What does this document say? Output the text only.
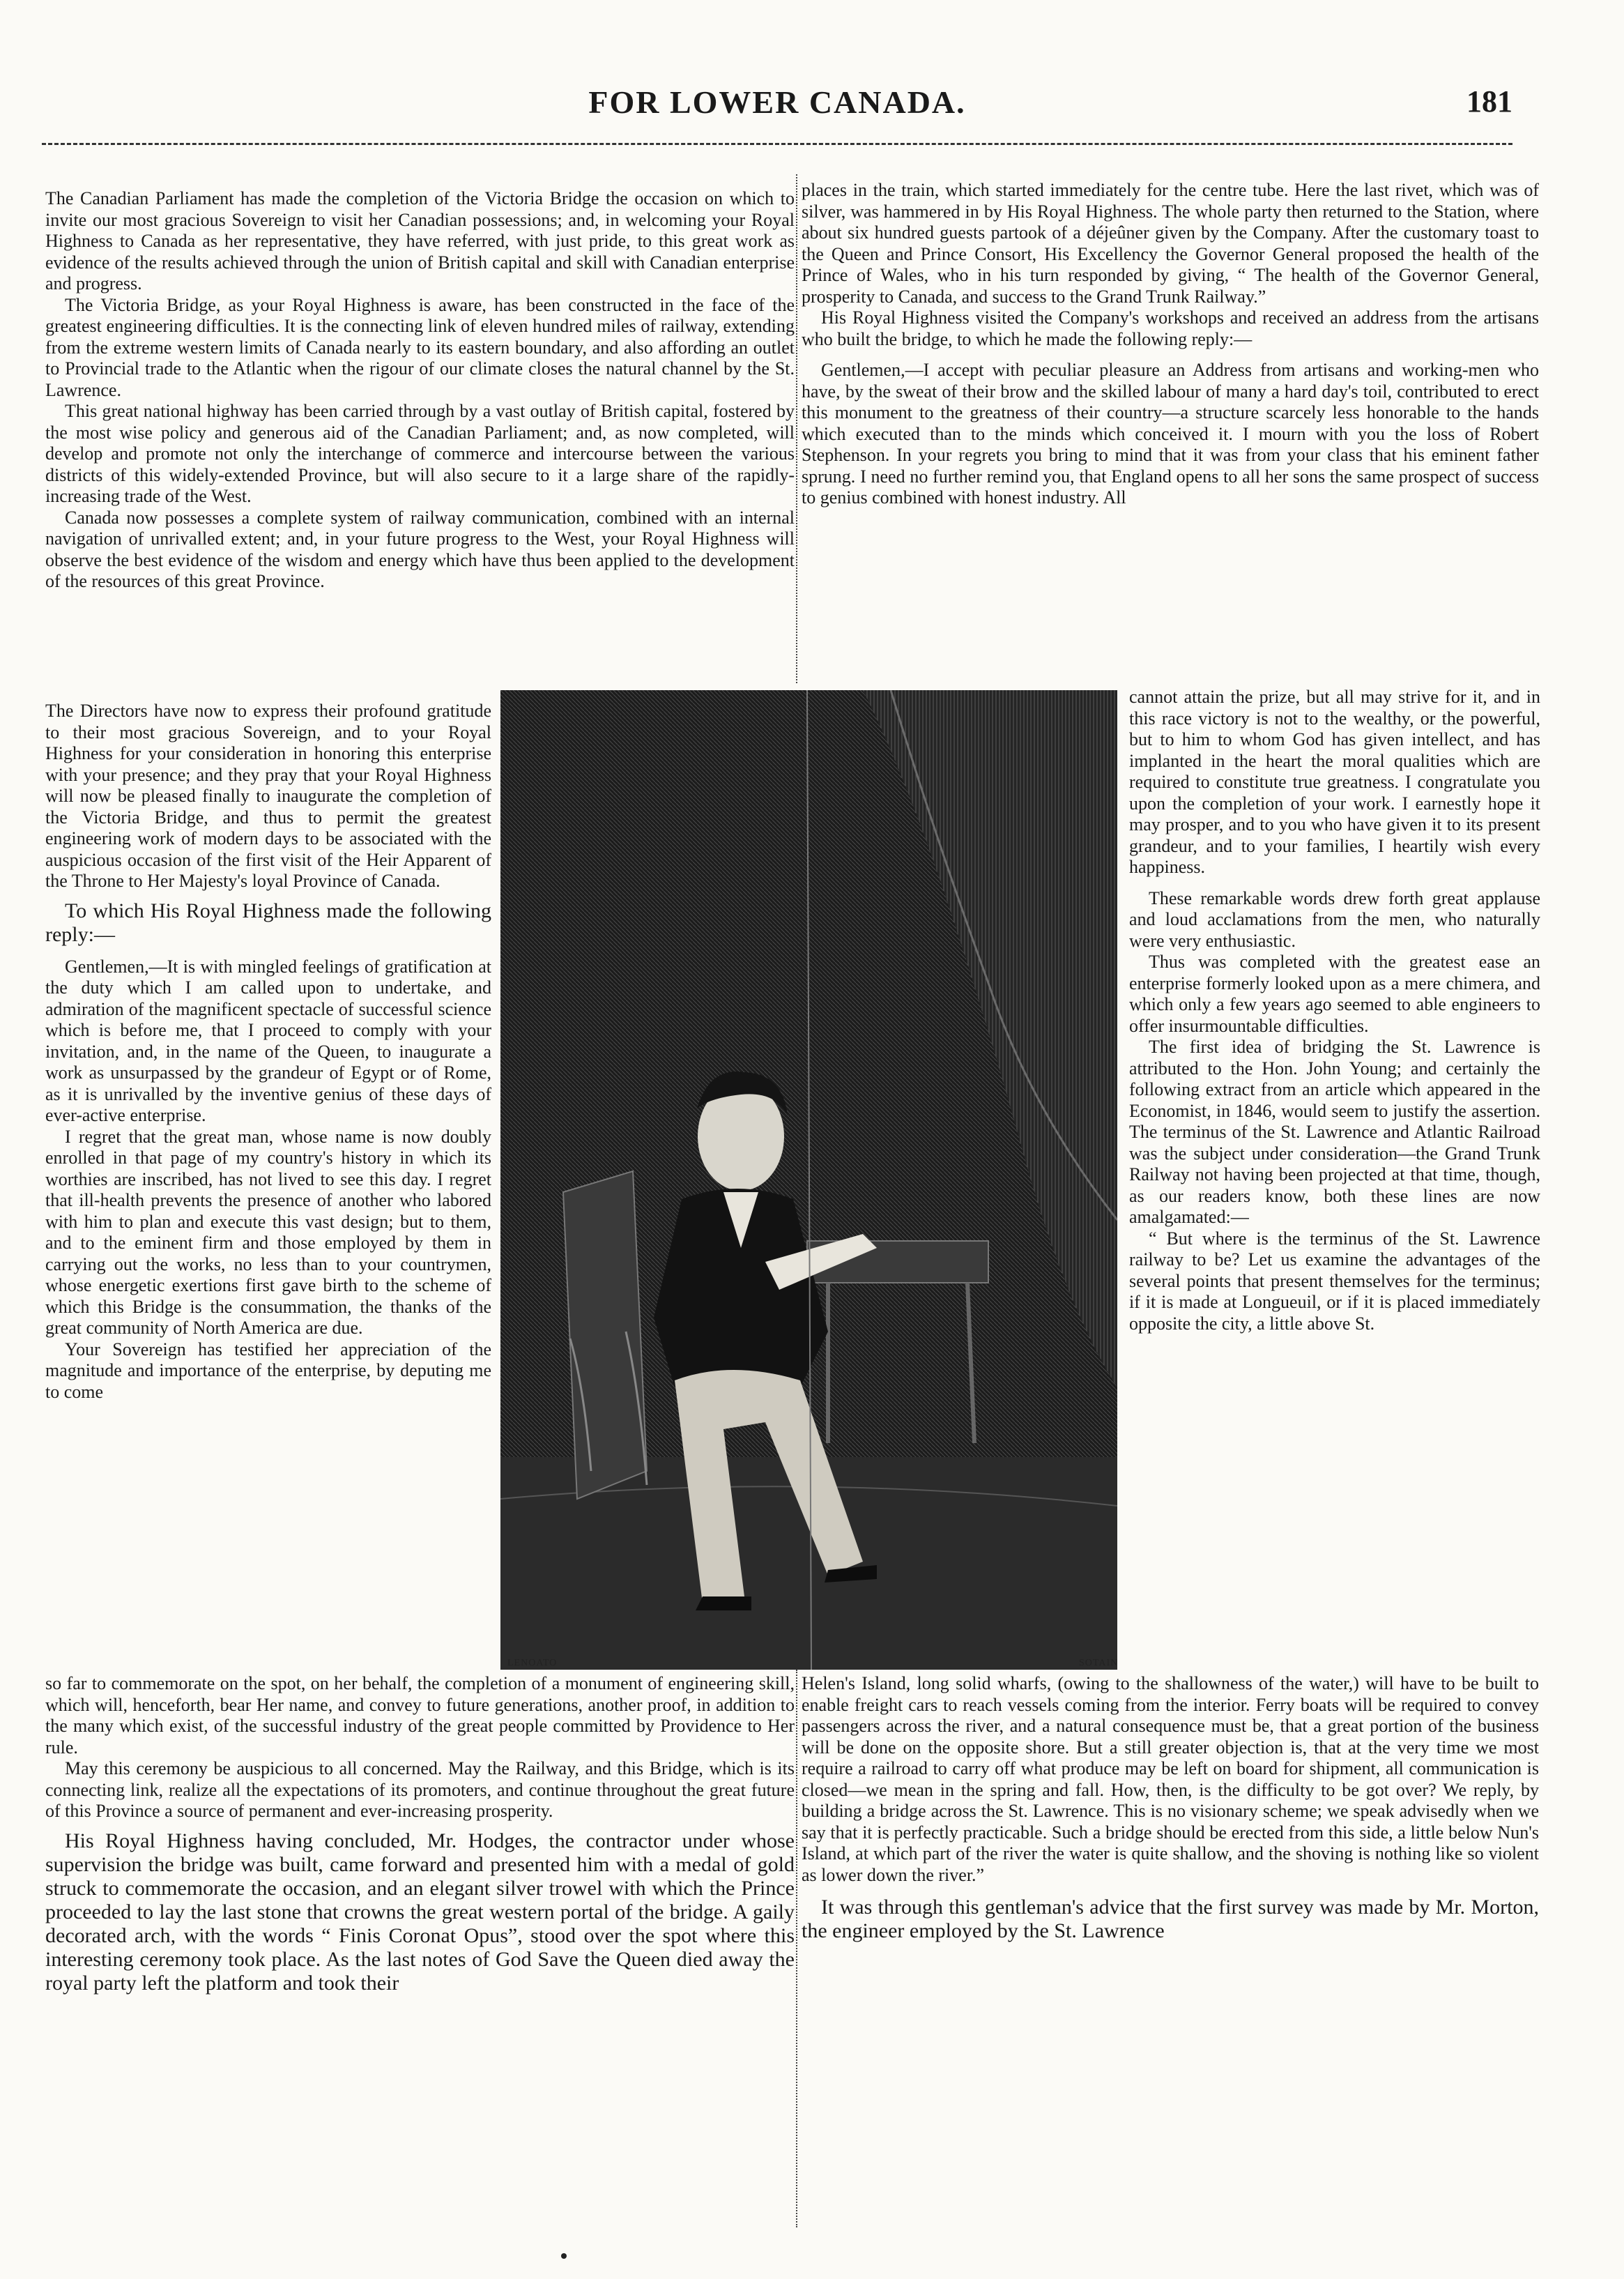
FOR LOWER CANADA.	181

The Canadian Parliament has made the completion of the Victoria Bridge the occasion on which to invite our most gracious Sovereign to visit her Canadian possessions; and, in welcoming your Royal Highness to Canada as her representative, they have referred, with just pride, to this great work as evidence of the results achieved through the union of British capital and skill with Canadian enterprise and progress.

The Victoria Bridge, as your Royal Highness is aware, has been constructed in the face of the greatest engineering difficulties. It is the connecting link of eleven hundred miles of railway, extending from the extreme western limits of Canada nearly to its eastern boundary, and also affording an outlet to Provincial trade to the Atlantic when the rigour of our climate closes the natural channel by the St. Lawrence.

This great national highway has been carried through by a vast outlay of British capital, fostered by the most wise policy and generous aid of the Canadian Parliament; and, as now completed, will develop and promote not only the interchange of commerce and intercourse between the various districts of this widely-extended Province, but will also secure to it a large share of the rapidly-increasing trade of the West.

Canada now possesses a complete system of railway communication, combined with an internal navigation of unrivalled extent; and, in your future progress to the West, your Royal Highness will observe the best evidence of the wisdom and energy which have thus been applied to the development of the resources of this great Province.

places in the train, which started immediately for the centre tube. Here the last rivet, which was of silver, was hammered in by His Royal Highness. The whole party then returned to the Station, where about six hundred guests partook of a déjeûner given by the Company. After the customary toast to the Queen and Prince Consort, His Excellency the Governor General proposed the health of the Prince of Wales, who in his turn responded by giving, “ The health of the Governor General, prosperity to Canada, and success to the Grand Trunk Railway.”

His Royal Highness visited the Company's workshops and received an address from the artisans who built the bridge, to which he made the following reply:—

Gentlemen,—I accept with peculiar pleasure an Address from artisans and working-men who have, by the sweat of their brow and the skilled labour of many a hard day's toil, contributed to erect this monument to the greatness of their country—a structure scarcely less honorable to the hands which executed than to the minds which conceived it. I mourn with you the loss of Robert Stephenson. In your regrets you bring to mind that it was from your class that his eminent father sprung. I need no further remind you, that England opens to all her sons the same prospect of success to genius combined with honest industry. All

The Directors have now to express their profound gratitude to their most gracious Sovereign, and to your Royal Highness for your consideration in honoring this enterprise with your presence; and they pray that your Royal Highness will now be pleased finally to inaugurate the completion of the Victoria Bridge, and thus to permit the greatest engineering work of modern days to be associated with the auspicious occasion of the first visit of the Heir Apparent of the Throne to Her Majesty's loyal Province of Canada.

To which His Royal Highness made the following reply:—

Gentlemen,—It is with mingled feelings of gratification at the duty which I am called upon to undertake, and admiration of the magnificent spectacle of successful science which is before me, that I proceed to comply with your invitation, and, in the name of the Queen, to inaugurate a work as unsurpassed by the grandeur of Egypt or of Rome, as it is unrivalled by the inventive genius of these days of ever-active enterprise.

I regret that the great man, whose name is now doubly enrolled in that page of my country's history in which its worthies are inscribed, has not lived to see this day. I regret that ill-health prevents the presence of another who labored with him to plan and execute this vast design; but to them, and to the eminent firm and those employed by them in carrying out the works, no less than to your countrymen, whose energetic exertions first gave birth to the scheme of which this Bridge is the consummation, the thanks of the great community of North America are due.

Your Sovereign has testified her appreciation of the magnitude and importance of the enterprise, by deputing me to come

LENOATO	SOTAIN

cannot attain the prize, but all may strive for it, and in this race victory is not to the wealthy, or the powerful, but to him to whom God has given intellect, and has implanted in the heart the moral qualities which are required to constitute true greatness. I congratulate you upon the completion of your work. I earnestly hope it may prosper, and to you who have given it to its present grandeur, and to your families, I heartily wish every happiness.

These remarkable words drew forth great applause and loud acclamations from the men, who naturally were very enthusiastic.

Thus was completed with the greatest ease an enterprise formerly looked upon as a mere chimera, and which only a few years ago seemed to able engineers to offer insurmountable difficulties.

The first idea of bridging the St. Lawrence is attributed to the Hon. John Young; and certainly the following extract from an article which appeared in the Economist, in 1846, would seem to justify the assertion. The terminus of the St. Lawrence and Atlantic Railroad was the subject under consideration—the Grand Trunk Railway not having been projected at that time, though, as our readers know, both these lines are now amalgamated:—

“ But where is the terminus of the St. Lawrence railway to be? Let us examine the advantages of the several points that present themselves for the terminus; if it is made at Longueuil, or if it is placed immediately opposite the city, a little above St.

so far to commemorate on the spot, on her behalf, the completion of a monument of engineering skill, which will, henceforth, bear Her name, and convey to future generations, another proof, in addition to the many which exist, of the successful industry of the great people committed by Providence to Her rule.

May this ceremony be auspicious to all concerned. May the Railway, and this Bridge, which is its connecting link, realize all the expectations of its promoters, and continue throughout the great future of this Province a source of permanent and ever-increasing prosperity.

His Royal Highness having concluded, Mr. Hodges, the contractor under whose supervision the bridge was built, came forward and presented him with a medal of gold struck to commemorate the occasion, and an elegant silver trowel with which the Prince proceeded to lay the last stone that crowns the great western portal of the bridge. A gaily decorated arch, with the words “ Finis Coronat Opus”, stood over the spot where this interesting ceremony took place. As the last notes of God Save the Queen died away the royal party left the platform and took their

Helen's Island, long solid wharfs, (owing to the shallowness of the water,) will have to be built to enable freight cars to reach vessels coming from the interior. Ferry boats will be required to convey passengers across the river, and a natural consequence must be, that a great portion of the business will be done on the opposite shore. But a still greater objection is, that at the very time we most require a railroad to carry off what produce may be left on board for shipment, all communication is closed—we mean in the spring and fall. How, then, is the difficulty to be got over? We reply, by building a bridge across the St. Lawrence. This is no visionary scheme; we speak advisedly when we say that it is perfectly practicable. Such a bridge should be erected from this side, a little below Nun's Island, at which part of the river the water is quite shallow, and the shoving is nothing like so violent as lower down the river.”

It was through this gentleman's advice that the first survey was made by Mr. Morton, the engineer employed by the St. Lawrence
